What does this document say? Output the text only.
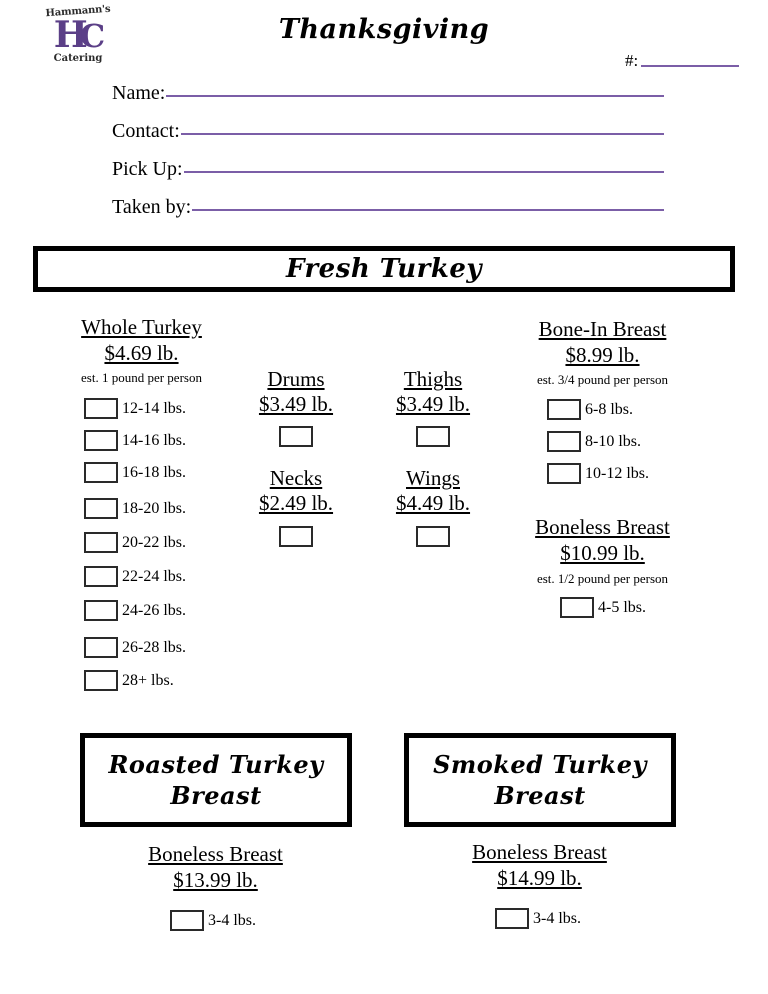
Hammann's
HC
Catering
Thanksgiving
#:
Name:
Contact:
Pick Up:
Taken by:
Fresh Turkey
Whole Turkey
$4.69 lb.
est. 1 pound per person
12-14 lbs.
14-16 lbs.
16-18 lbs.
18-20 lbs.
20-22 lbs.
22-24 lbs.
24-26 lbs.
26-28 lbs.
28+ lbs.
Drums
$3.49 lb.
Necks
$2.49 lb.
Thighs
$3.49 lb.
Wings
$4.49 lb.
Bone-In Breast
$8.99 lb.
est. 3/4 pound per person
6-8 lbs.
8-10 lbs.
10-12 lbs.
Boneless Breast
$10.99 lb.
est. 1/2 pound per person
4-5 lbs.
Roasted Turkey
Breast
Boneless Breast
$13.99 lb.
3-4 lbs.
Smoked Turkey
Breast
Boneless Breast
$14.99 lb.
3-4 lbs.
